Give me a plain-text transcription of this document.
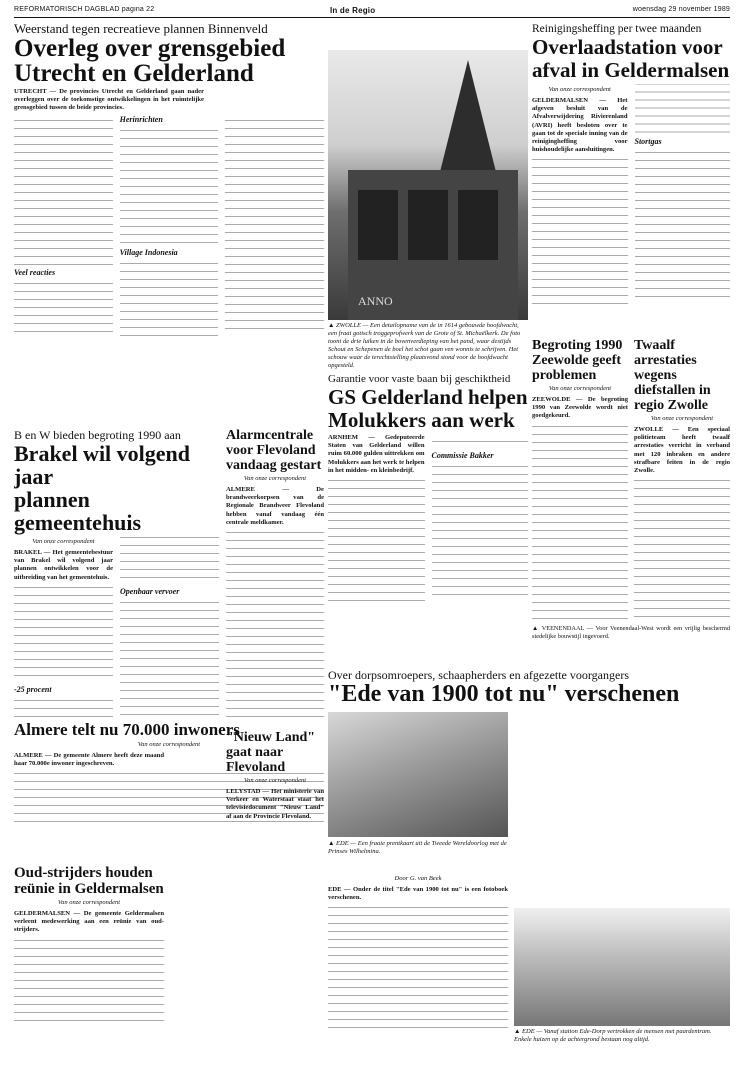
REFORMATORISCH DAGBLAD pagina 22	In de Regio	woensdag 29 november 1989
Weerstand tegen recreatieve plannen Binnenveld
Overleg over grensgebied
Utrecht en Gelderland
UTRECHT — De provincies Utrecht en Gelderland gaan nader overleggen over de toekomstige ontwikkelingen in het ruimtelijke grensgebied tussen de beide provincies.
Veel reacties
Herinrichten
Village Indonesia
ANNO
▲ ZWOLLE — Een detailopname van de in 1614 gebouwde hoofdwacht, een fraai gotisch troggeprofwerk van de Grote of St. Michaëlkerk. De foto toont de drie luiken in de bovenverdieping van het pand, waar destijds Schout en Schepenen de boel het schot gaan ven wonnis te schrijven. Het schouw waar de terechtstelling plaatsvond stond voor de hoofdwacht opgesteld.
Reinigingsheffing per twee maanden
Overlaadstation voor
afval in Geldermalsen
Van onze correspondent
GELDERMALSEN — Het afgeven besluit van de Afvalverwijdering Rivierenland (AVRI) heeft besloten over te gaan tot de speciale inning van de reinigingheffing voor huishoudelijke aansluitingen.
Stortgas
Begroting 1990 Zeewolde geeft problemen
Van onze correspondent
ZEEWOLDE — De begroting 1990 van Zeewolde wordt niet goedgekeurd.
Twaalf arrestaties wegens diefstallen in regio Zwolle
Van onze correspondent
ZWOLLE — Een speciaal politieteam heeft twaalf arrestaties verricht in verband met 120 inbraken en andere strafbare feiten in de regio Zwolle.
Garantie voor vaste baan bij geschiktheid
GS Gelderland helpen
Molukkers aan werk
ARNHEM — Gedeputeerde Staten van Gelderland willen ruim 60.000 gulden uittrekken om Molukkers aan het werk te helpen in het midden- en kleinbedrijf.
Commissie Bakker
▲ VEENENDAAL — Voor Veenendaal-West wordt een vrijlig beschermd stedelijke bouwstijl ingevoerd.
B en W bieden begroting 1990 aan
Brakel wil volgend jaar
plannen gemeentehuis
Van onze correspondent
BRAKEL — Het gemeentebestuur van Brakel wil volgend jaar plannen ontwikkelen voor de uitbreiding van het gemeentehuis.
-25 procent
Openbaar vervoer
Alarmcentrale voor Flevoland vandaag gestart
Van onze correspondent
ALMERE — De brandweerkorpsen van de Regionale Brandweer Flevoland hebben vanaf vandaag één centrale meldkamer.
Almere telt nu 70.000 inwoners
Van onze correspondent
ALMERE — De gemeente Almere heeft deze maand haar 70.000e inwoner ingeschreven.
"Nieuw Land" gaat naar Flevoland
Van onze correspondent
LELYSTAD — Het ministerie van Verkeer en Waterstaat staat het televisiedocument "Nieuw Land" af aan de Provincie Flevoland.
Oud-strijders houden reünie in Geldermalsen
Van onze correspondent
GELDERMALSEN — De gemeente Geldermalsen verleent medewerking aan een reünie van oud-strijders.
Over dorpsomroepers, schaapherders en afgezette voorgangers
"Ede van 1900 tot nu" verschenen
▲ EDE — Een fraaie prentkaart uit de Tweede Wereldoorlog met de Prinses Wilhelmina.
Door G. van Beek
EDE — Onder de titel "Ede van 1900 tot nu" is een fotoboek verschenen.
▲ EDE — Vanaf station Ede-Dorp vertrokken de mensen met paardentram. Enkele huizen op de achtergrond bestaan nog altijd.
